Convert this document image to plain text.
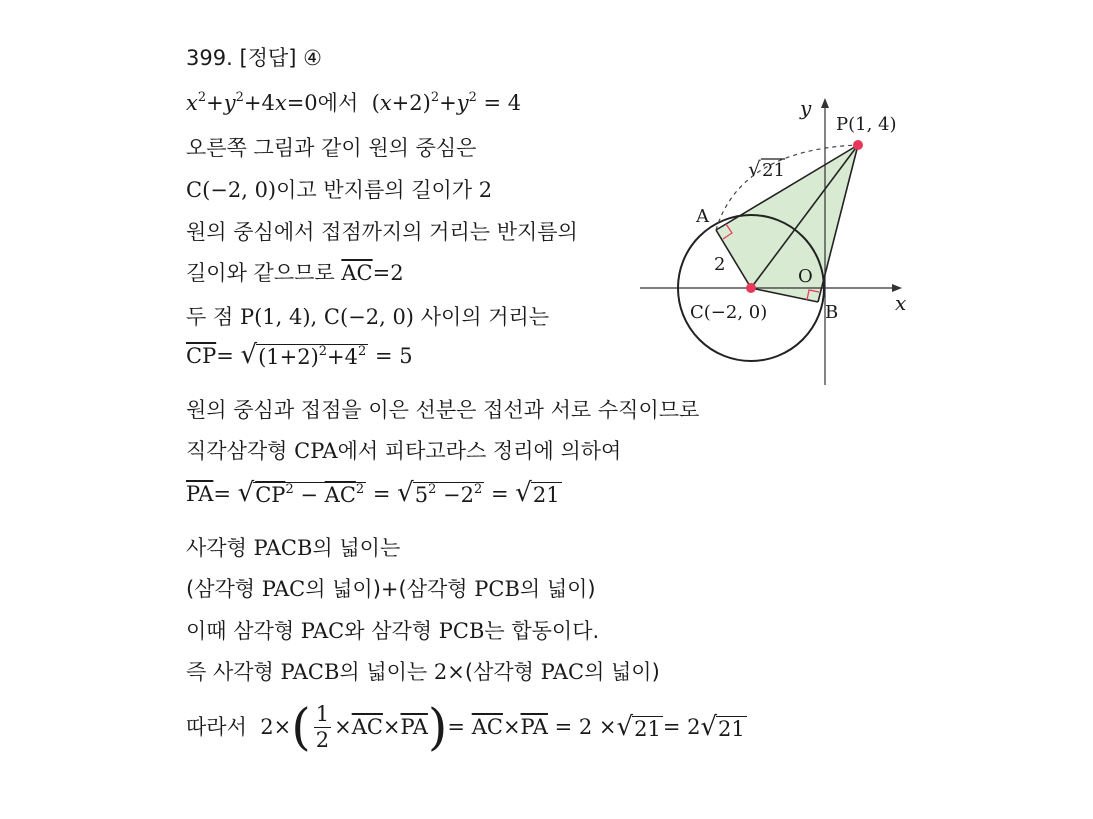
399. [정답] ④
$x^2+y^2+4x=0$에서 $(x+2)^2+y^2 = 4$
오른쪽 그림과 같이 원의 중심은
C(−2, 0)이고 반지름의 길이가 2
원의 중심에서 접점까지의 거리는 반지름의
길이와 같으므로 $\overline{AC}=2$
두 점 P(1, 4), C(−2, 0) 사이의 거리는
$\overline{CP}=$ √ $(1+2)^2+4^2 = 5$
원의 중심과 접점을 이은 선분은 접선과 서로 수직이므로
직각삼각형 CPA에서 피타고라스 정리에 의하여
$\overline{PA}=$ √ $CP^2 - \overline{AC}^2$ = √ $5^2 -2^2$ = √ 21
사각형 PACB의 넓이는
(삼각형 PAC의 넓이)+(삼각형 PCB의 넓이)
이때 삼각형 PAC와 삼각형 PCB는 합동이다.
즉 사각형 PACB의 넓이는 2×(삼각형 PAC의 넓이)
따라서
2× ( $\frac{1}{2} \times\overline{AC}\times\overline{PA}$ ) = $\overline{AC}\times\overline{PA} = 2$ × √ 21 = 2 √ 21
y
x
P(1, 4)
A
B
O
C(−2, 0)
2
√ 21
